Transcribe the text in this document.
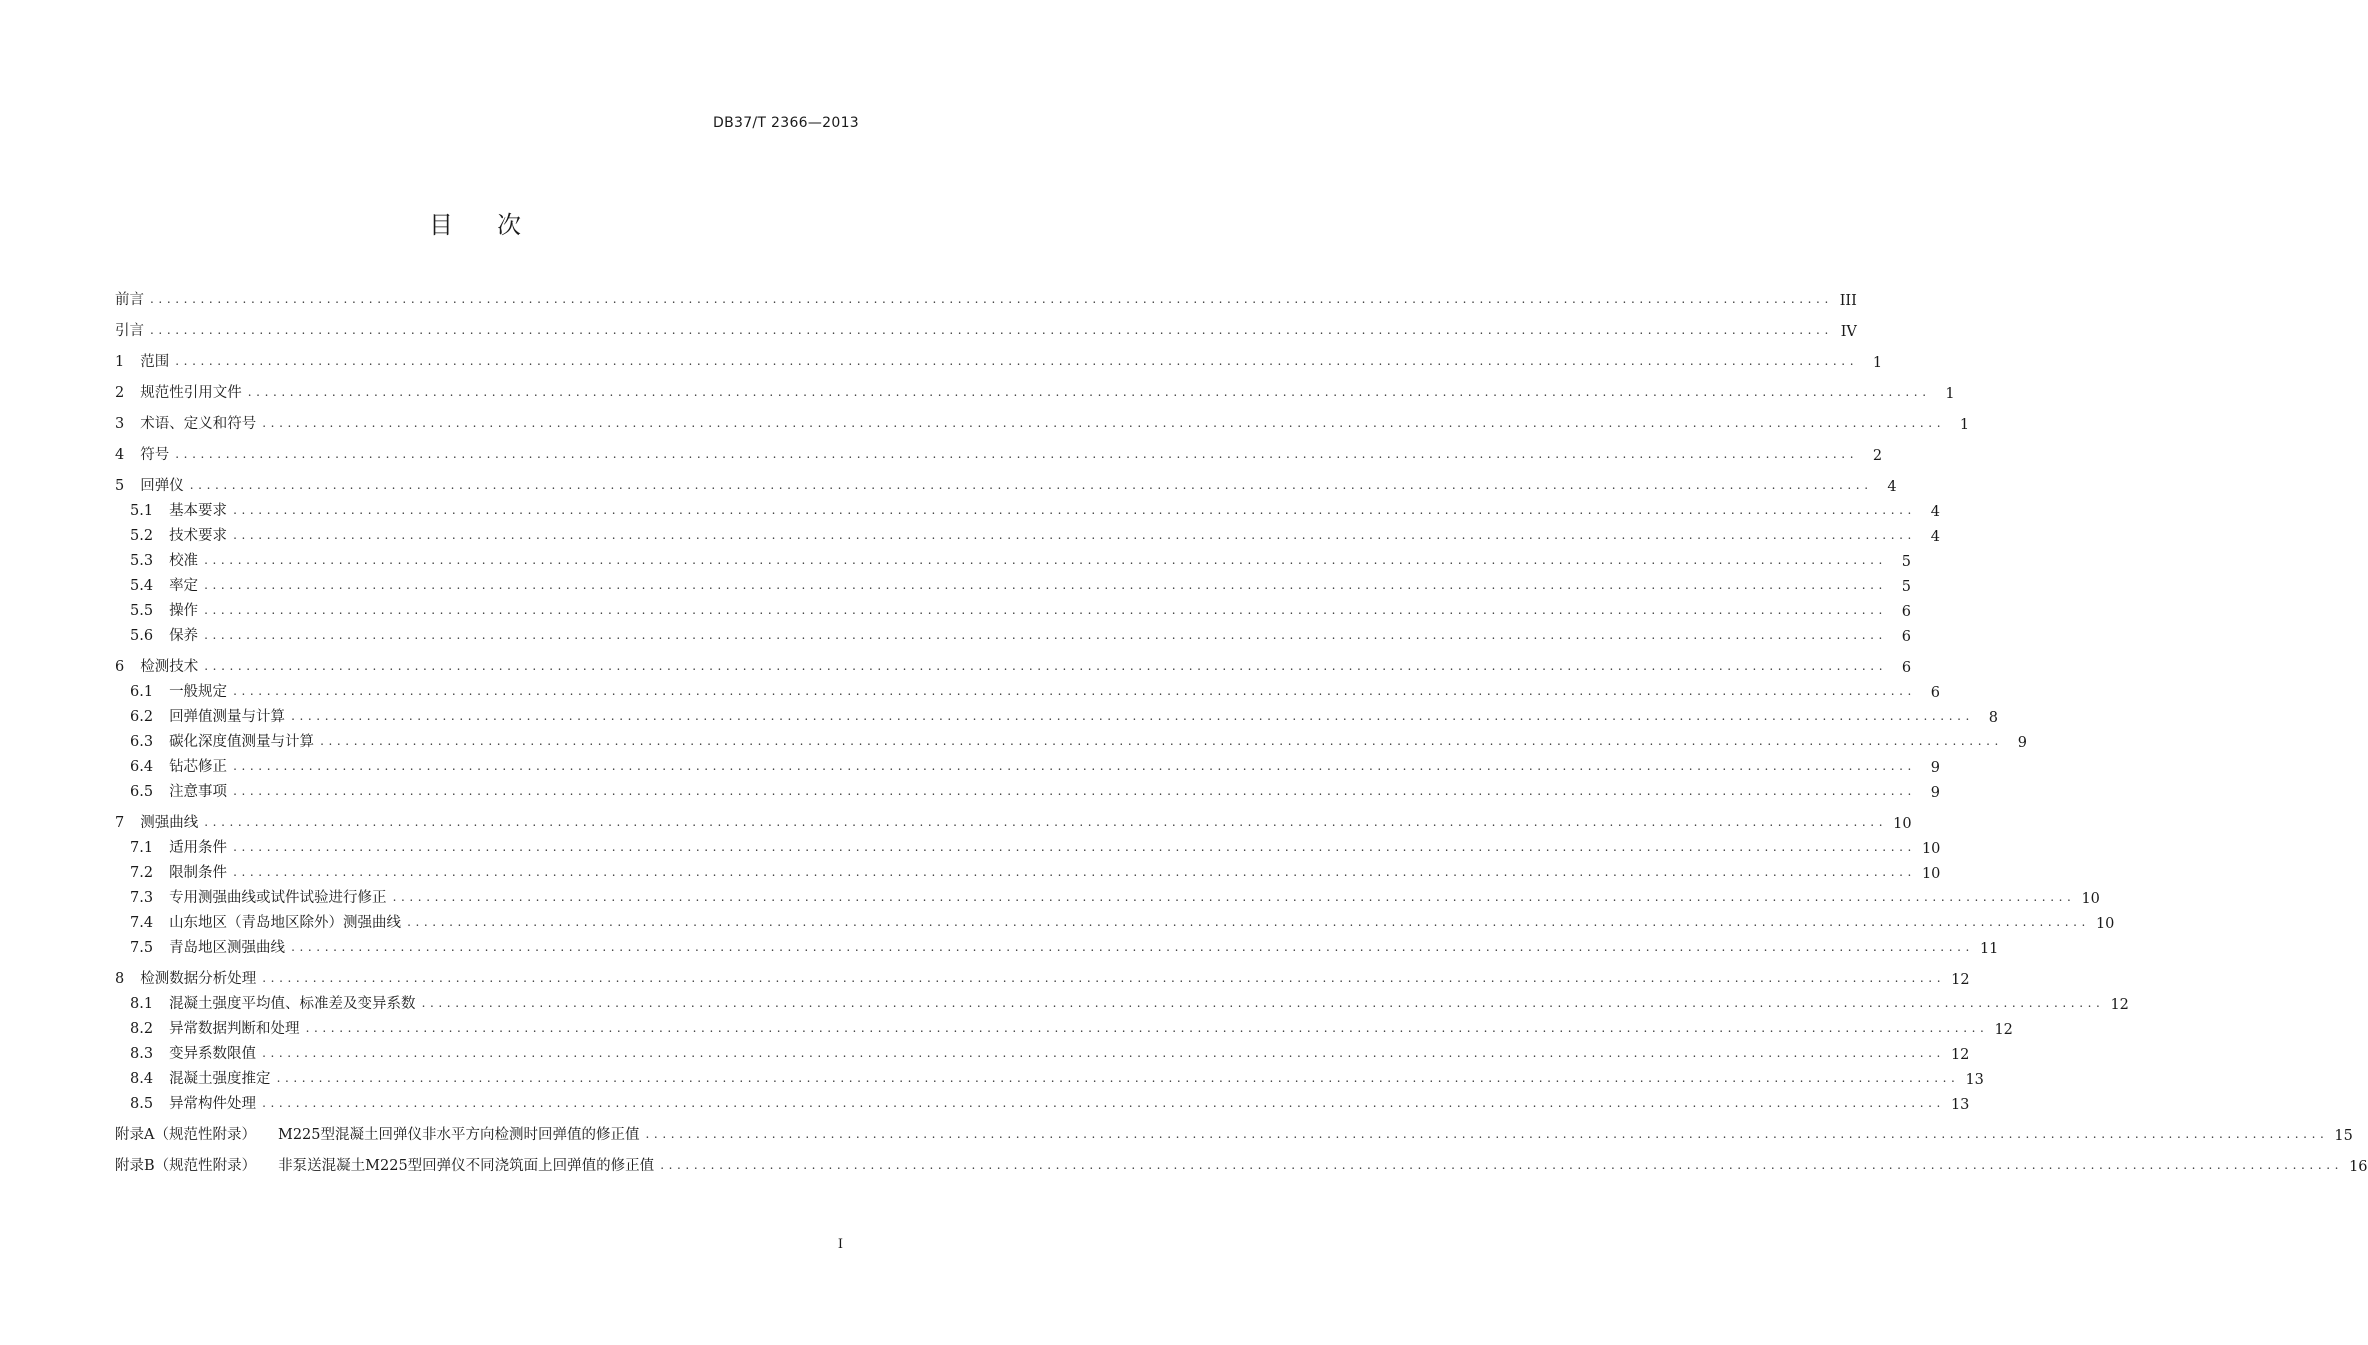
DB37/T 2366—2013
目 次
前言 ........................................................................................................................................................................................................ III
引言 ........................................................................................................................................................................................................ IV
1 范围 ........................................................................................................................................................................................................	1
2 规范性引用文件 ........................................................................................................................................................................................................	1
3 术语、定义和符号 ........................................................................................................................................................................................................	1
4 符号 ........................................................................................................................................................................................................	2
5 回弹仪 ........................................................................................................................................................................................................	4
5.1 基本要求 ........................................................................................................................................................................................................	4
5.2 技术要求 ........................................................................................................................................................................................................	4
5.3 校准 ........................................................................................................................................................................................................	5
5.4 率定 ........................................................................................................................................................................................................	5
5.5 操作 ........................................................................................................................................................................................................	6
5.6 保养 ........................................................................................................................................................................................................	6
6 检测技术 ........................................................................................................................................................................................................	6
6.1 一般规定 ........................................................................................................................................................................................................	6
6.2 回弹值测量与计算 ........................................................................................................................................................................................................	8
6.3 碳化深度值测量与计算 ........................................................................................................................................................................................................	9
6.4 钻芯修正 ........................................................................................................................................................................................................	9
6.5 注意事项 ........................................................................................................................................................................................................	9
7 测强曲线 ........................................................................................................................................................................................................ 10
7.1 适用条件 ........................................................................................................................................................................................................ 10
7.2 限制条件 ........................................................................................................................................................................................................ 10
7.3 专用测强曲线或试件试验进行修正 ........................................................................................................................................................................................................ 10
7.4 山东地区（青岛地区除外）测强曲线 ........................................................................................................................................................................................................ 10
7.5 青岛地区测强曲线 ........................................................................................................................................................................................................ 11
8 检测数据分析处理 ........................................................................................................................................................................................................ 12
8.1 混凝土强度平均值、标准差及变异系数 ........................................................................................................................................................................................................ 12
8.2 异常数据判断和处理 ........................................................................................................................................................................................................ 12
8.3 变异系数限值 ........................................................................................................................................................................................................ 12
8.4 混凝土强度推定 ........................................................................................................................................................................................................ 13
8.5 异常构件处理 ........................................................................................................................................................................................................ 13
附录A（规范性附录） M225型混凝土回弹仪非水平方向检测时回弹值的修正值 ........................................................................................................................................................................................................ 15
附录B（规范性附录） 非泵送混凝土M225型回弹仪不同浇筑面上回弹值的修正值 ........................................................................................................................................................................................................ 16
I
